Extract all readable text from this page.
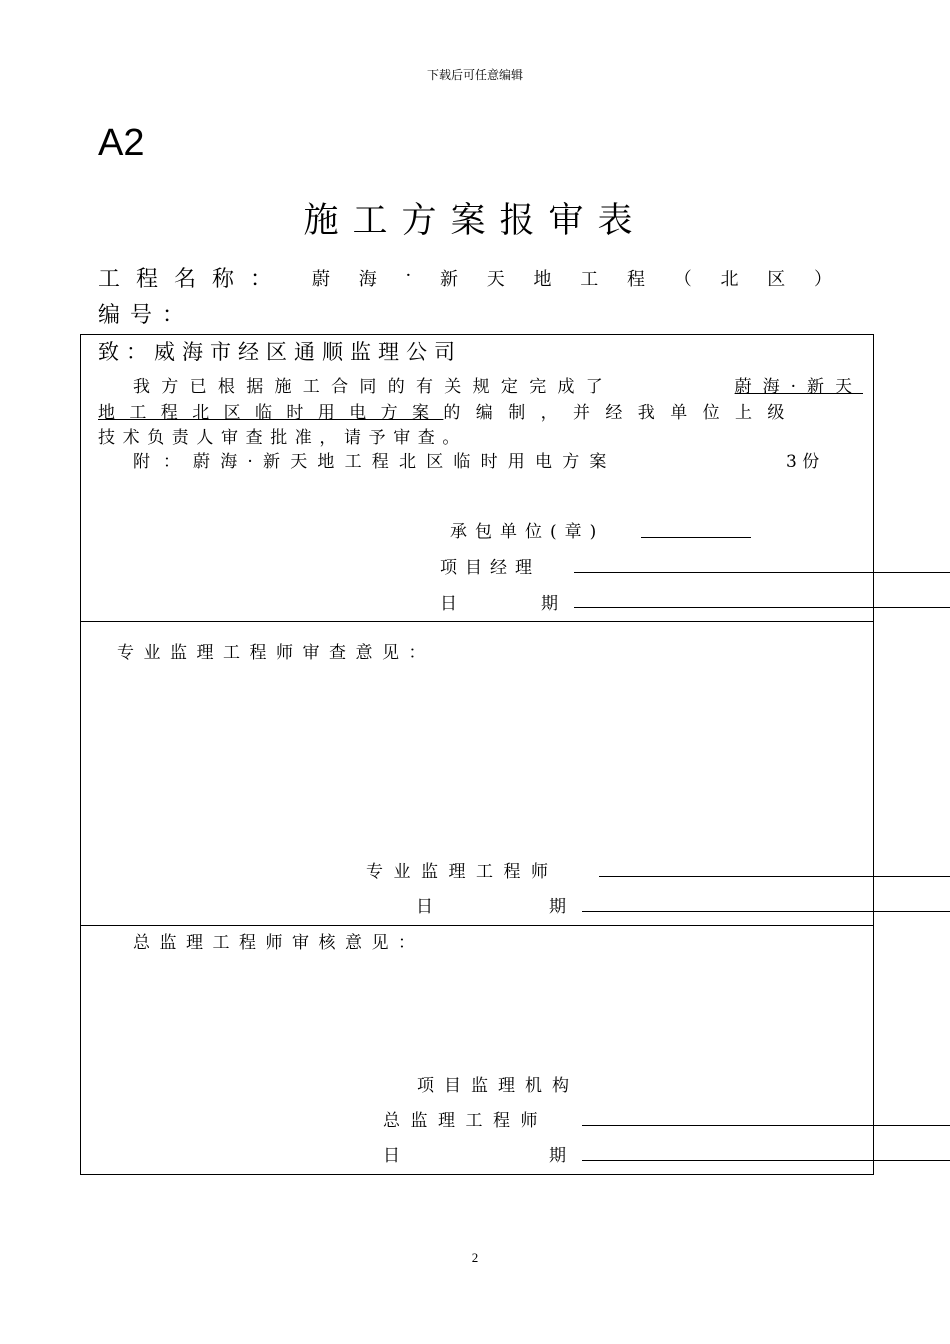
下载后可任意编辑
A2
施工方案报审表
工程名称： 蔚 海 · 新 天 地 工 程 （ 北 区 ）
编号：
致：威海市经区通顺监理公司
我方已根据施工合同的有关规定完成了	蔚海·新天
地工程北区临时用电方案的编制，并经我单位上级
技术负责人审查批准，请予审查。
附：蔚海·新天地工程北区临时用电方案	3 份
承包单位(章)
项目经理
日	期
专业监理工程师审查意见：
专业监理工程师
日	期
总监理工程师审核意见：
项目监理机构
总监理工程师
日	期
2
